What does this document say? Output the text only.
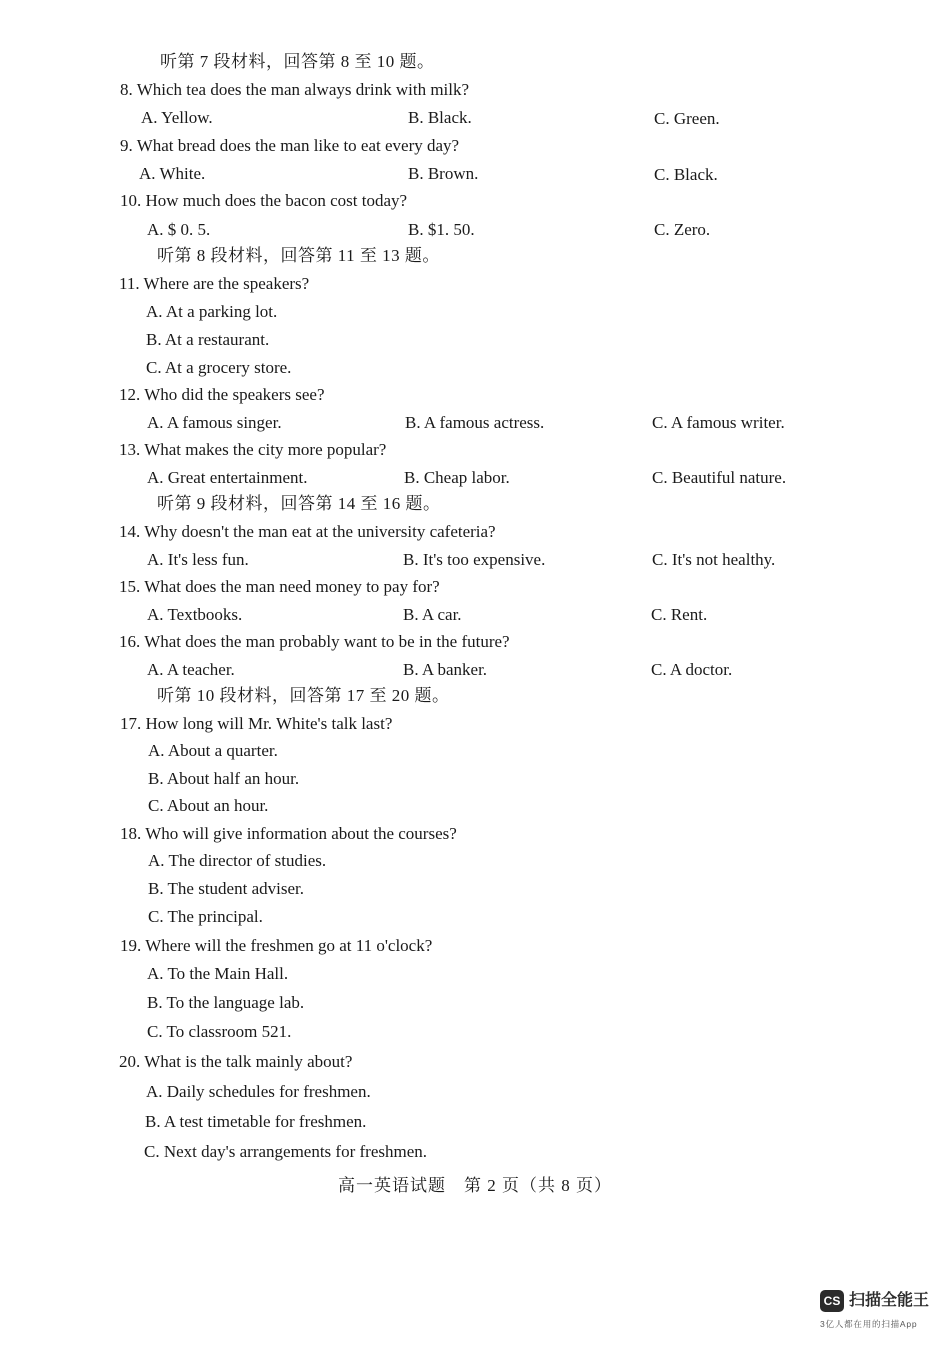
听第 7 段材料，回答第 8 至 10 题。
8. Which tea does the man always drink with milk?
A. Yellow.	B. Black.	C. Green.
9. What bread does the man like to eat every day?
A. White.	B. Brown.	C. Black.
10. How much does the bacon cost today?
A. $ 0. 5.	B. $1. 50.	C. Zero.
听第 8 段材料，回答第 11 至 13 题。
11. Where are the speakers?
A. At a parking lot.
B. At a restaurant.
C. At a grocery store.
12. Who did the speakers see?
A. A famous singer.	B. A famous actress.	C. A famous writer.
13. What makes the city more popular?
A. Great entertainment.	B. Cheap labor.	C. Beautiful nature.
听第 9 段材料，回答第 14 至 16 题。
14. Why doesn't the man eat at the university cafeteria?
A. It's less fun.	B. It's too expensive.	C. It's not healthy.
15. What does the man need money to pay for?
A. Textbooks.	B. A car.	C. Rent.
16. What does the man probably want to be in the future?
A. A teacher.	B. A banker.	C. A doctor.
听第 10 段材料，回答第 17 至 20 题。
17. How long will Mr. White's talk last?
A. About a quarter.
B. About half an hour.
C. About an hour.
18. Who will give information about the courses?
A. The director of studies.
B. The student adviser.
C. The principal.
19. Where will the freshmen go at 11 o'clock?
A. To the Main Hall.
B. To the language lab.
C. To classroom 521.
20. What is the talk mainly about?
A. Daily schedules for freshmen.
B. A test timetable for freshmen.
C. Next day's arrangements for freshmen.
高一英语试题　第 2 页（共 8 页）
CS 扫描全能王
3亿人都在用的扫描App
